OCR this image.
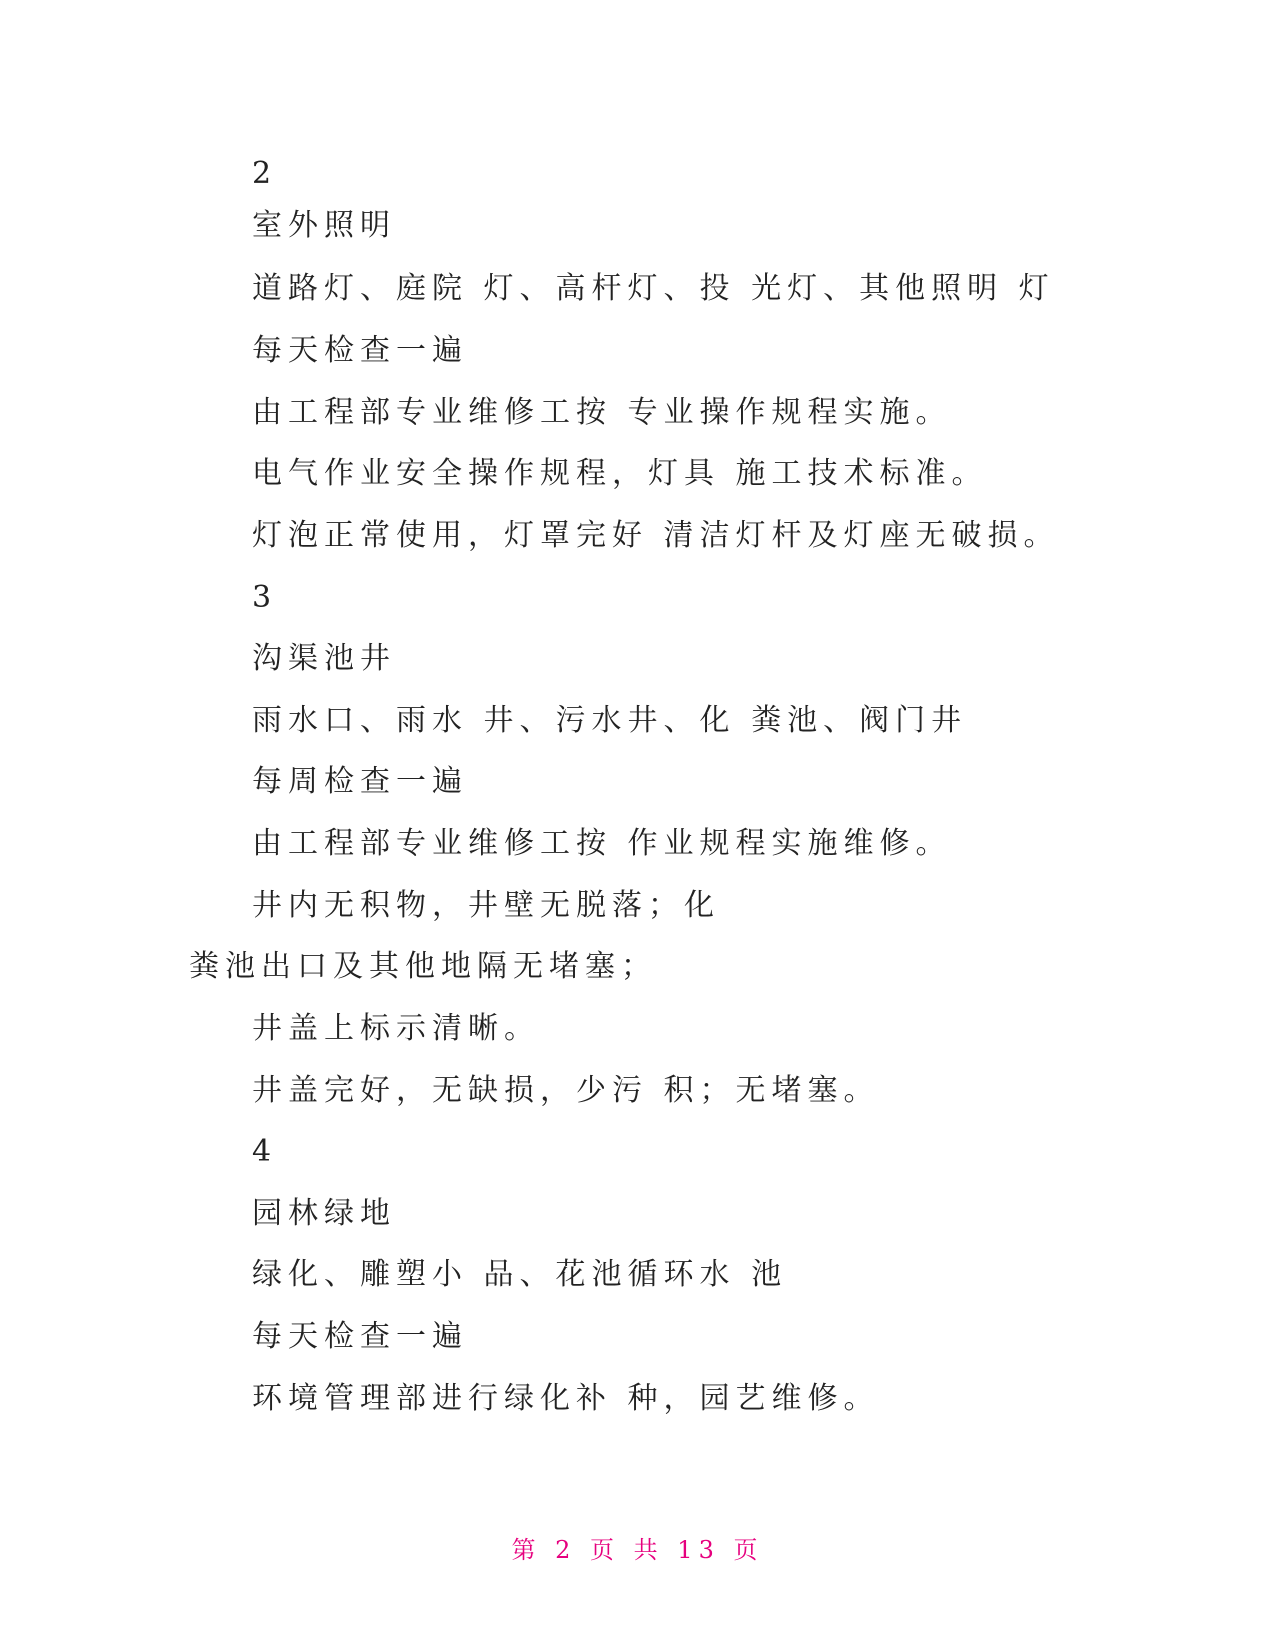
2
室外照明
道路灯、庭院 灯、高杆灯、投 光灯、其他照明 灯
每天检查一遍
由工程部专业维修工按 专业操作规程实施。
电气作业安全操作规程，灯具 施工技术标准。
灯泡正常使用，灯罩完好 清洁灯杆及灯座无破损。
3
沟渠池井
雨水口、雨水 井、污水井、化 粪池、阀门井
每周检查一遍
由工程部专业维修工按 作业规程实施维修。
井内无积物，井壁无脱落；化
粪池出口及其他地隔无堵塞；
井盖上标示清晰。
井盖完好，无缺损，少污 积；无堵塞。
4
园林绿地
绿化、雕塑小 品、花池循环水 池
每天检查一遍
环境管理部进行绿化补 种，园艺维修。
第 2 页 共 13 页
